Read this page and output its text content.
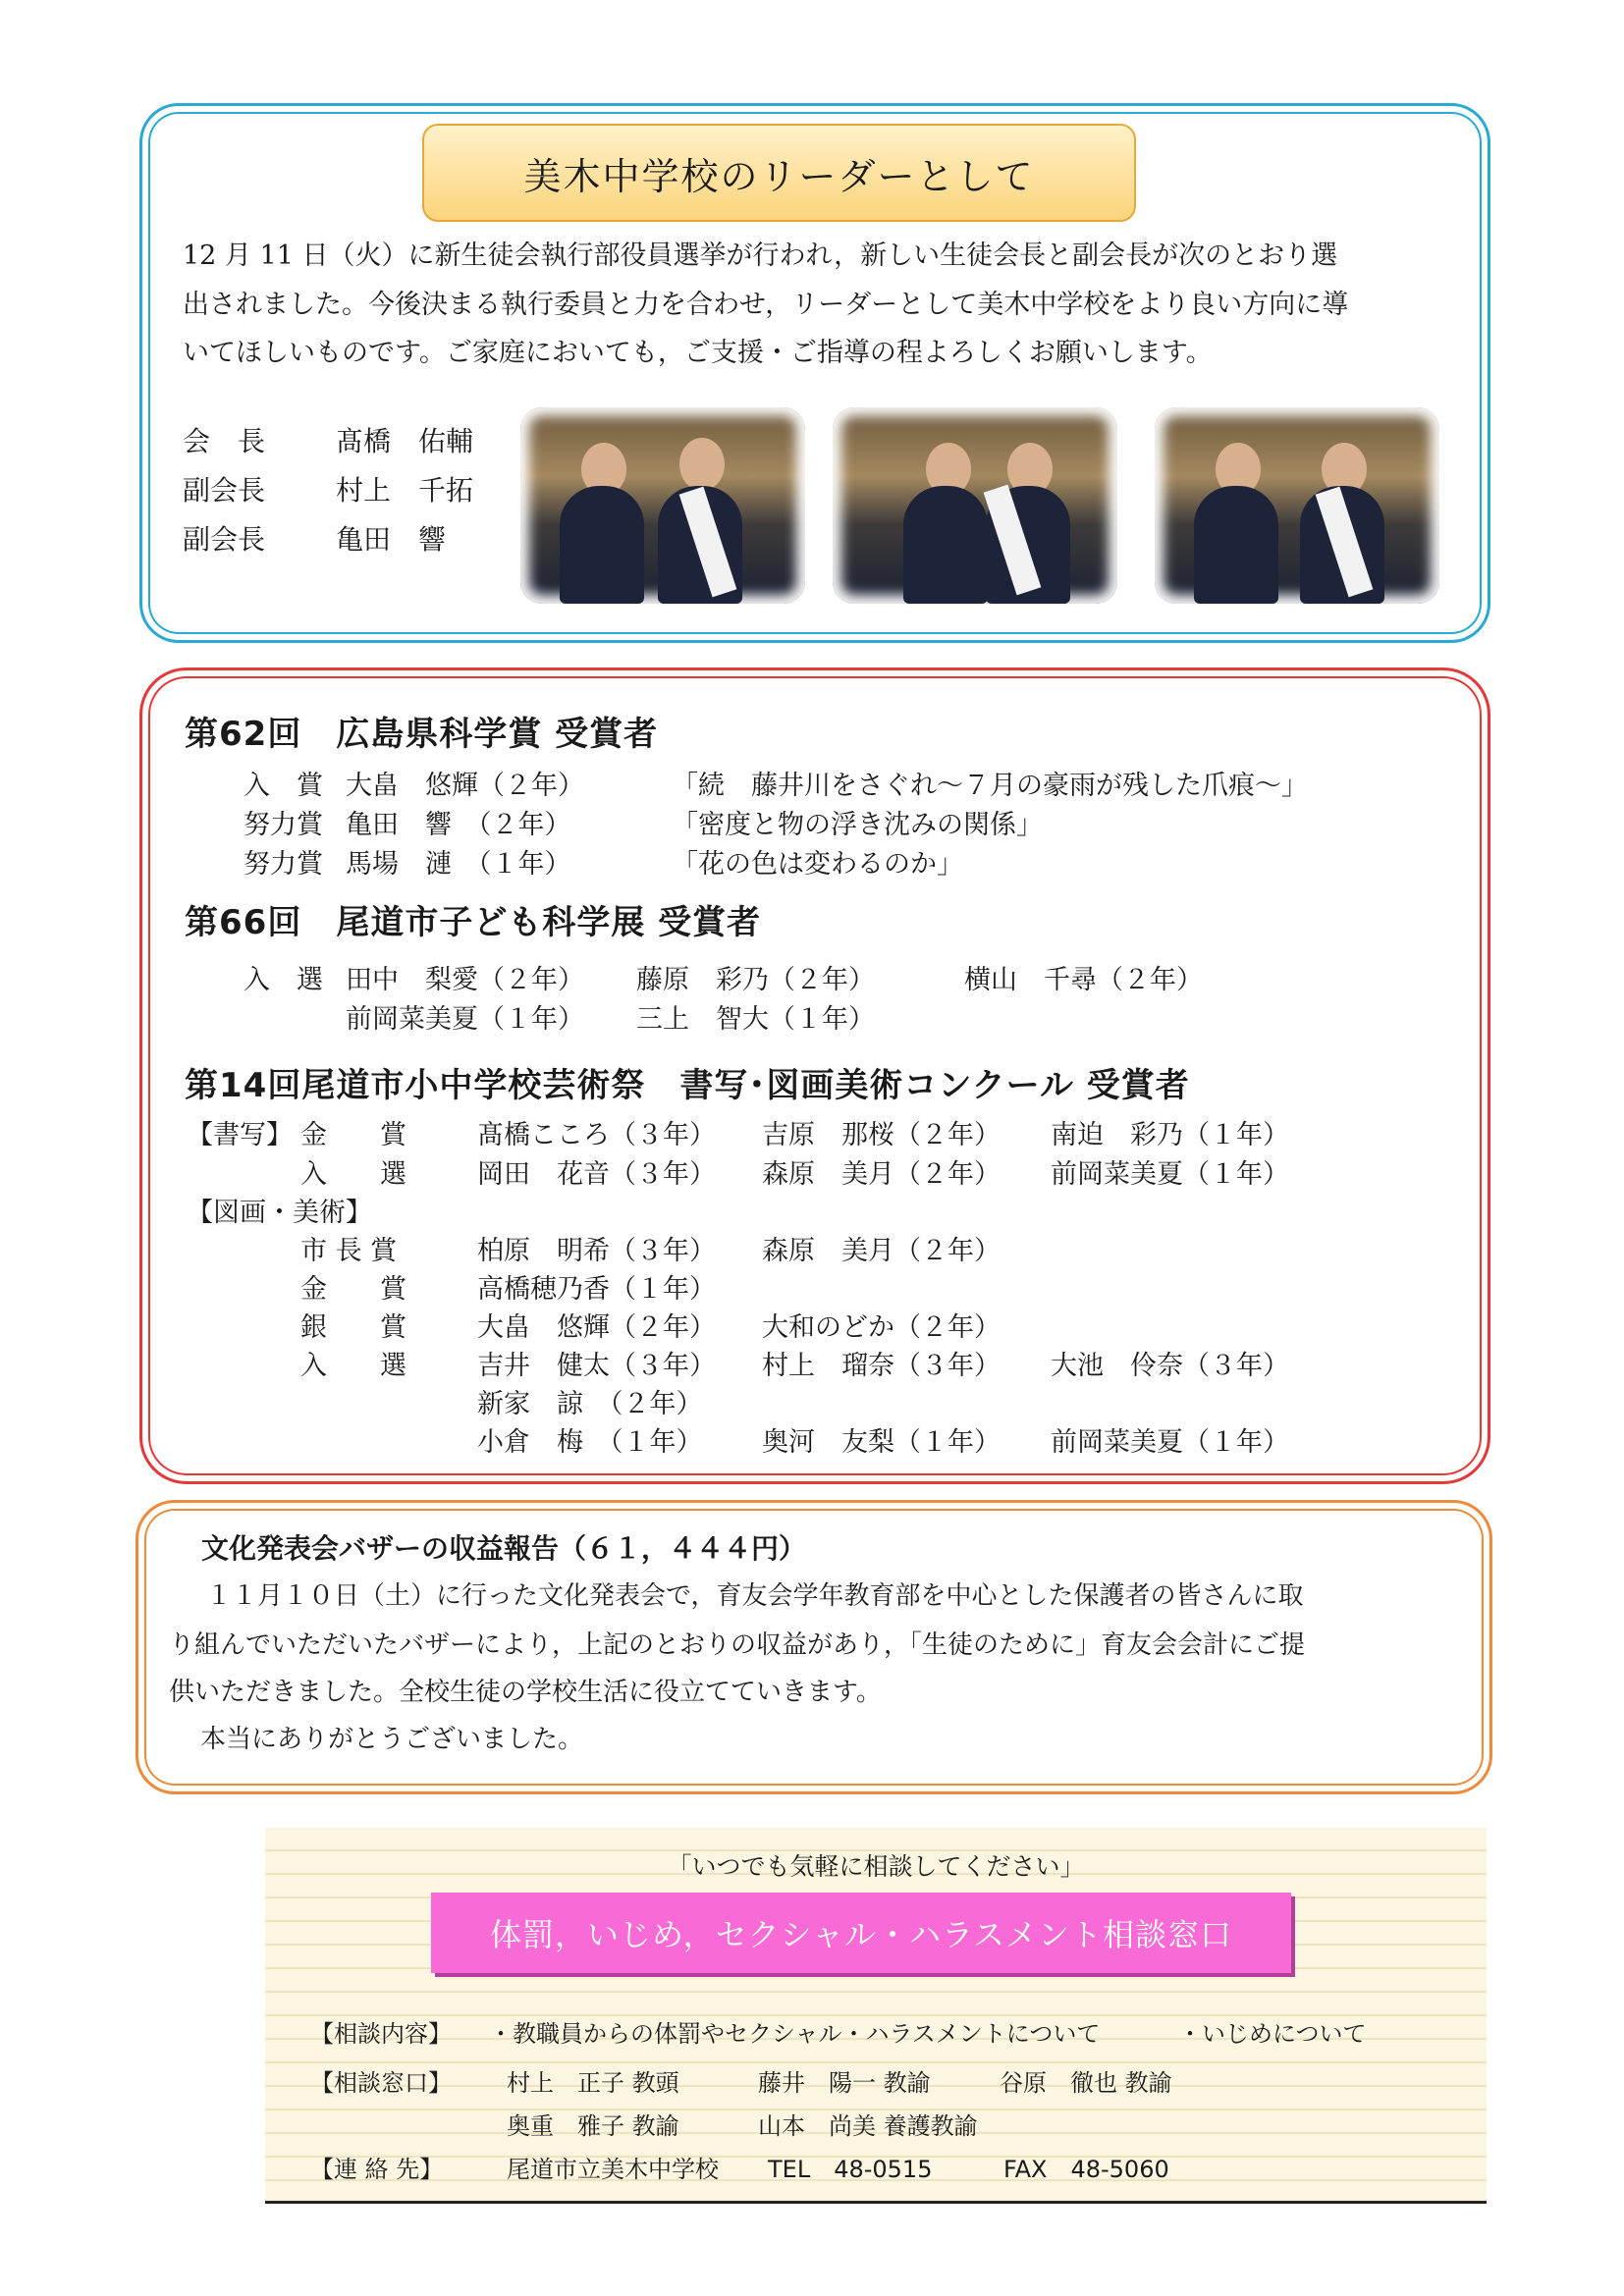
美木中学校のリーダーとして

12 月 11 日（火）に新生徒会執行部役員選挙が行われ，新しい生徒会長と副会長が次のとおり選

出されました。今後決まる執行委員と力を合わせ，リーダーとして美木中学校をより良い方向に導

いてほしいものです。ご家庭においても，ご支援・ご指導の程よろしくお願いします。

会　長	髙橋　佑輔
副会長	村上　千拓
副会長	亀田　響
第62回　広島県科学賞 受賞者
入　賞 大畠　悠輝（２年）	「続　藤井川をさぐれ～７月の豪雨が残した爪痕～」
努力賞 亀田　響　（２年）	「密度と物の浮き沈みの関係」
努力賞 馬場　漣　（１年）	「花の色は変わるのか」
第66回　尾道市子ども科学展 受賞者
入　選 田中　梨愛（２年） 藤原　彩乃（２年）	横山　千尋（２年）
前岡菜美夏（１年） 三上　智大（１年）
第14回尾道市小中学校芸術祭　書写･図画美術コンクール 受賞者
【書写】 金　　賞	髙橋こころ（３年） 吉原　那桜（２年） 南迫　彩乃（１年）
入　　選	岡田　花音（３年） 森原　美月（２年） 前岡菜美夏（１年）
【図画・美術】
市 長 賞	柏原　明希（３年） 森原　美月（２年）
金　　賞	高橋穂乃香（１年）
銀　　賞	大畠　悠輝（２年） 大和のどか（２年）
入　　選	吉井　健太（３年） 村上　瑠奈（３年） 大池　伶奈（３年）
新家　諒　（２年）
小倉　梅　（１年） 奥河　友梨（１年） 前岡菜美夏（１年）
文化発表会バザーの収益報告（６１，４４４円）

１１月１０日（土）に行った文化発表会で，育友会学年教育部を中心とした保護者の皆さんに取

り組んでいただいたバザーにより，上記のとおりの収益があり，「生徒のために」育友会会計にご提

供いただきました。全校生徒の学校生活に役立てていきます。

本当にありがとうございました。

「いつでも気軽に相談してください」
体罰，いじめ，セクシャル・ハラスメント相談窓口
【相談内容】 ・教職員からの体罰やセクシャル・ハラスメントについて	・いじめについて
【相談窓口】 村上　正子 教頭	藤井　陽一 教諭	谷原　徹也 教諭
奥重　雅子 教諭	山本　尚美 養護教諭
【連 絡 先】	尾道市立美木中学校 TEL　48-0515	FAX　48-5060
